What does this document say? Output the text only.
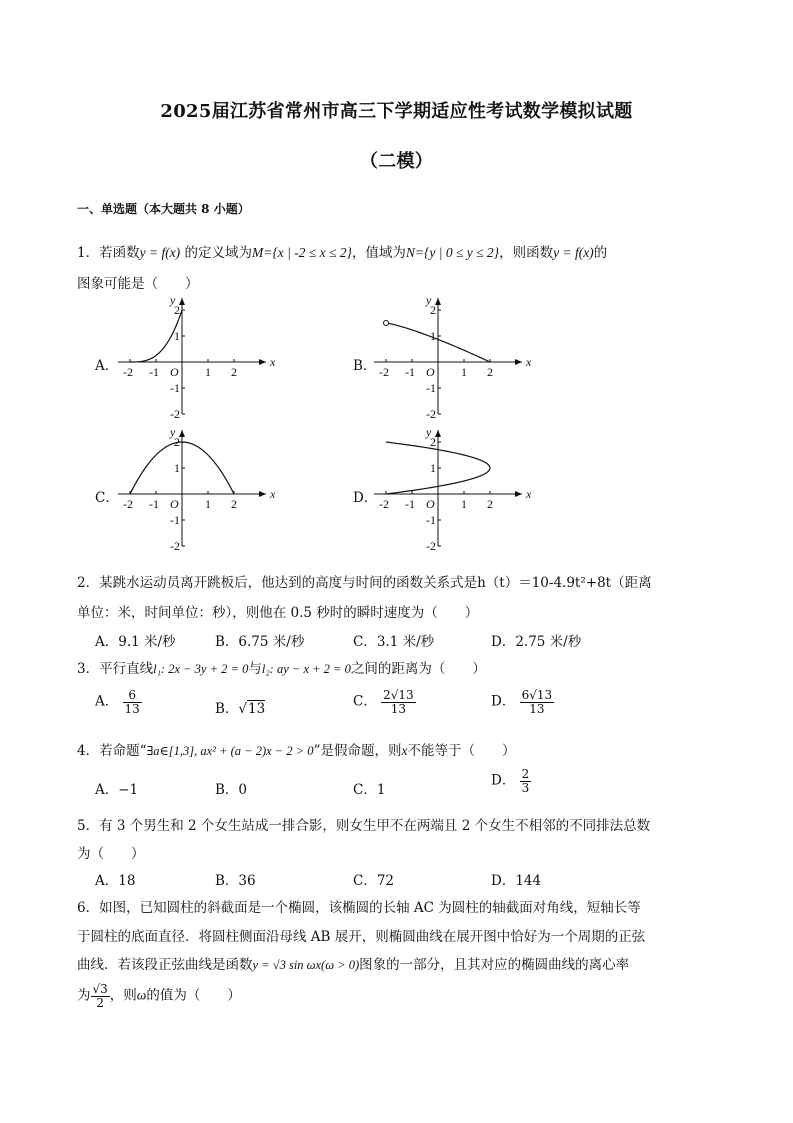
2025届江苏省常州市高三下学期适应性考试数学模拟试题
（二模）
一、单选题（本大题共 8 小题）
1．若函数y = f(x) 的定义域为M={x | -2 ≤ x ≤ 2}，值域为N={y | 0 ≤ y ≤ 2}，则函数y = f(x)的
图象可能是（　　）
A．	B．
C．	D．
x
y
O
-2 -1	1 2
2
1
-1
-2
x
y
O
-2 -1	1 2
2
1
-1
-2
x
y
O
-2 -1	1 2
2
1
-1
-2
x
y
O
-2 -1	1 2
2
1
-1
-2
2．某跳水运动员离开跳板后，他达到的高度与时间的函数关系式是h（t）＝10-4.9t²+8t（距离
单位：米，时间单位：秒），则他在 0.5 秒时的瞬时速度为（　　）
A．9.1 米/秒	B．6.75 米/秒	C．3.1 米/秒	D．2.75 米/秒
3．平行直线l₁: 2x − 3y + 2 = 0与l₂: ay − x + 2 = 0之间的距离为（　　）
A． $\frac{6}{13}$	B．√13	C． $\frac{2√13}{13}$	D． $\frac{6√13}{13}$
4．若命题“∃a∈[1,3], ax² + (a − 2)x − 2 > 0”是假命题，则x不能等于（　　）
A．−1	B．0	C．1
D． $\frac{2}{3}$
5．有 3 个男生和 2 个女生站成一排合影，则女生甲不在两端且 2 个女生不相邻的不同排法总数
为（　　）
A．18	B．36	C．72	D．144
6．如图，已知圆柱的斜截面是一个椭圆，该椭圆的长轴 AC 为圆柱的轴截面对角线，短轴长等
于圆柱的底面直径．将圆柱侧面沿母线 AB 展开，则椭圆曲线在展开图中恰好为一个周期的正弦
曲线．若该段正弦曲线是函数y = √3 sin ωx(ω > 0)图象的一部分，且其对应的椭圆曲线的离心率
为 $\frac{√3}{2}$ ，则ω的值为（　　）
